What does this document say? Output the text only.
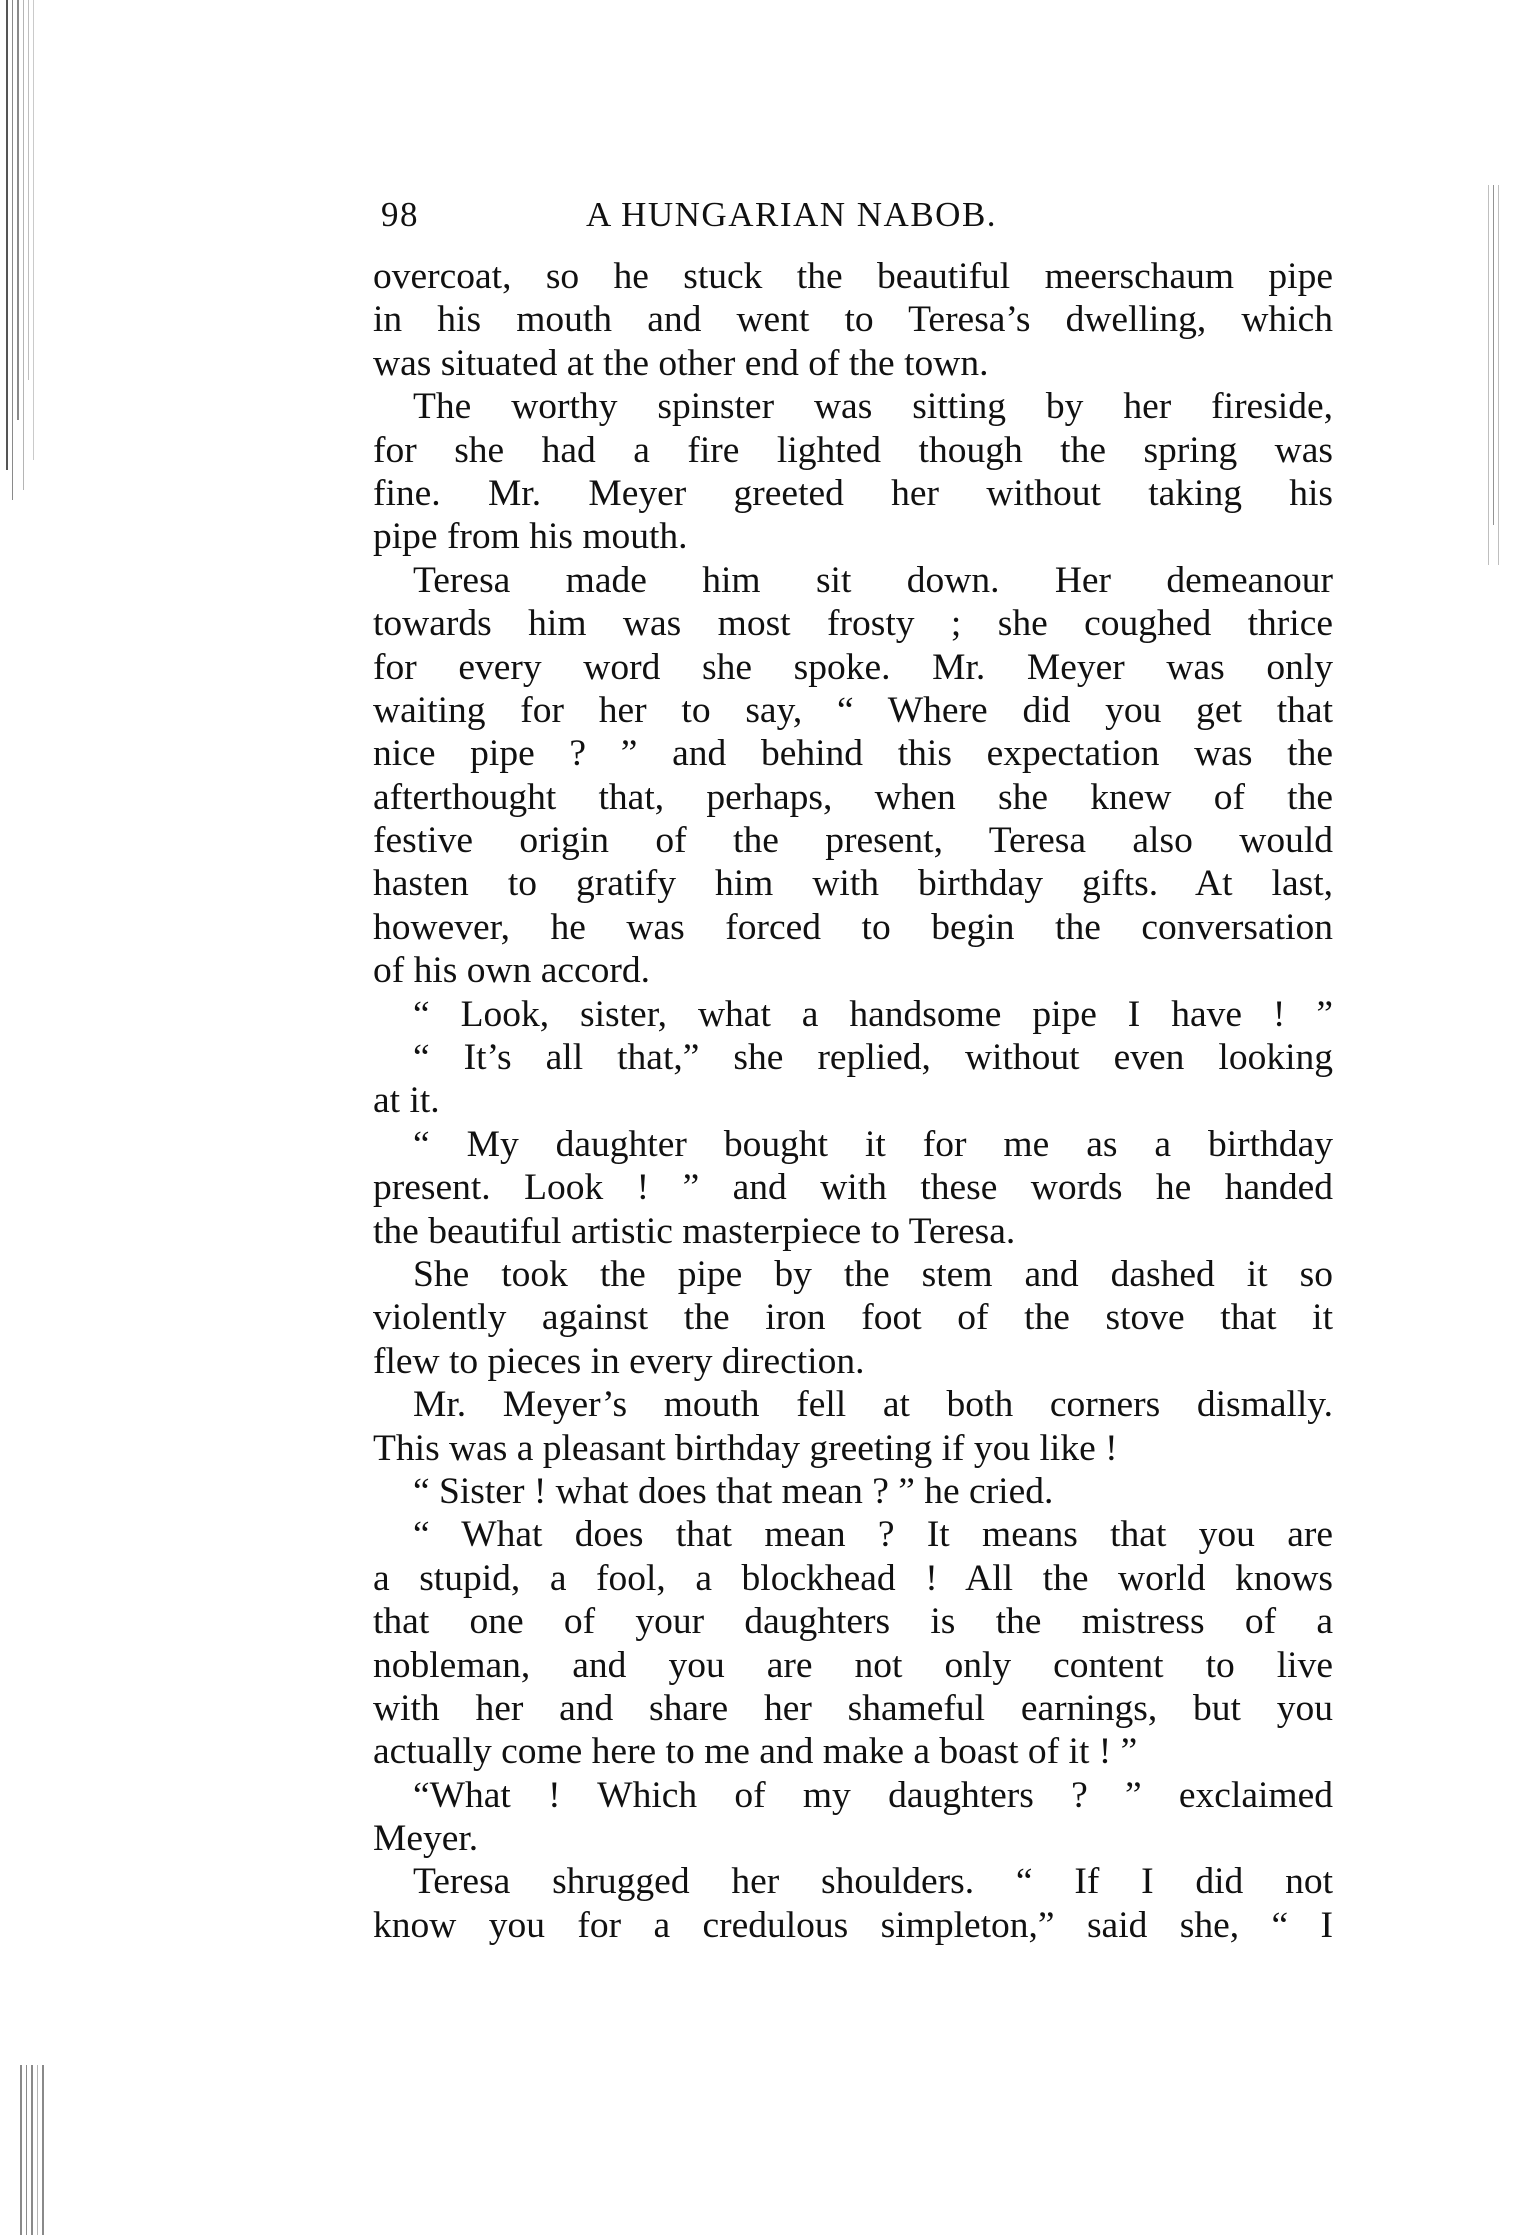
98	A HUNGARIAN NABOB.
overcoat, so he stuck the beautiful meerschaum pipe
in his mouth and went to Teresa’s dwelling, which
was situated at the other end of the town.
The worthy spinster was sitting by her fireside,
for she had a fire lighted though the spring was
fine. Mr. Meyer greeted her without taking his
pipe from his mouth.
Teresa made him sit down. Her demeanour
towards him was most frosty ; she coughed thrice
for every word she spoke. Mr. Meyer was only
waiting for her to say, “ Where did you get that
nice pipe ? ” and behind this expectation was the
afterthought that, perhaps, when she knew of the
festive origin of the present, Teresa also would
hasten to gratify him with birthday gifts. At last,
however, he was forced to begin the conversation
of his own accord.
“ Look, sister, what a handsome pipe I have ! ”
“ It’s all that,” she replied, without even looking
at it.
“ My daughter bought it for me as a birthday
present. Look ! ” and with these words he handed
the beautiful artistic masterpiece to Teresa.
She took the pipe by the stem and dashed it so
violently against the iron foot of the stove that it
flew to pieces in every direction.
Mr. Meyer’s mouth fell at both corners dismally.
This was a pleasant birthday greeting if you like !
“ Sister ! what does that mean ? ” he cried.
“ What does that mean ? It means that you are
a stupid, a fool, a blockhead ! All the world knows
that one of your daughters is the mistress of a
nobleman, and you are not only content to live
with her and share her shameful earnings, but you
actually come here to me and make a boast of it ! ”
“What ! Which of my daughters ? ” exclaimed
Meyer.
Teresa shrugged her shoulders. “ If I did not
know you for a credulous simpleton,” said she, “ I
